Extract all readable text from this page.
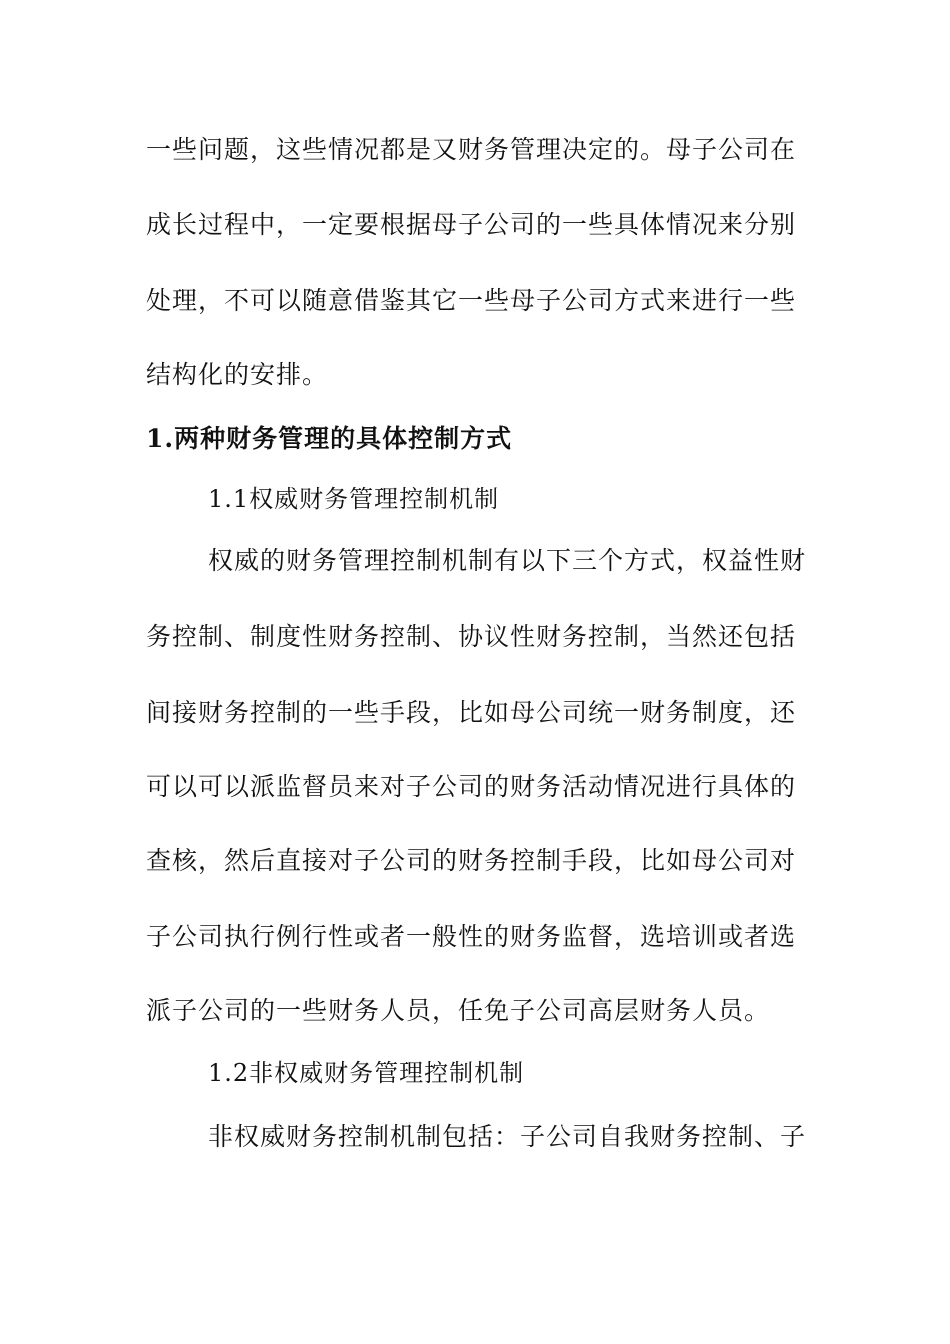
一些问题，这些情况都是又财务管理决定的。母子公司在
成长过程中，一定要根据母子公司的一些具体情况来分别
处理，不可以随意借鉴其它一些母子公司方式来进行一些
结构化的安排。
1.两种财务管理的具体控制方式
1.1权威财务管理控制机制
权威的财务管理控制机制有以下三个方式，权益性财
务控制、制度性财务控制、协议性财务控制，当然还包括
间接财务控制的一些手段，比如母公司统一财务制度，还
可以可以派监督员来对子公司的财务活动情况进行具体的
查核，然后直接对子公司的财务控制手段，比如母公司对
子公司执行例行性或者一般性的财务监督，选培训或者选
派子公司的一些财务人员，任免子公司高层财务人员。
1.2非权威财务管理控制机制
非权威财务控制机制包括：子公司自我财务控制、子
